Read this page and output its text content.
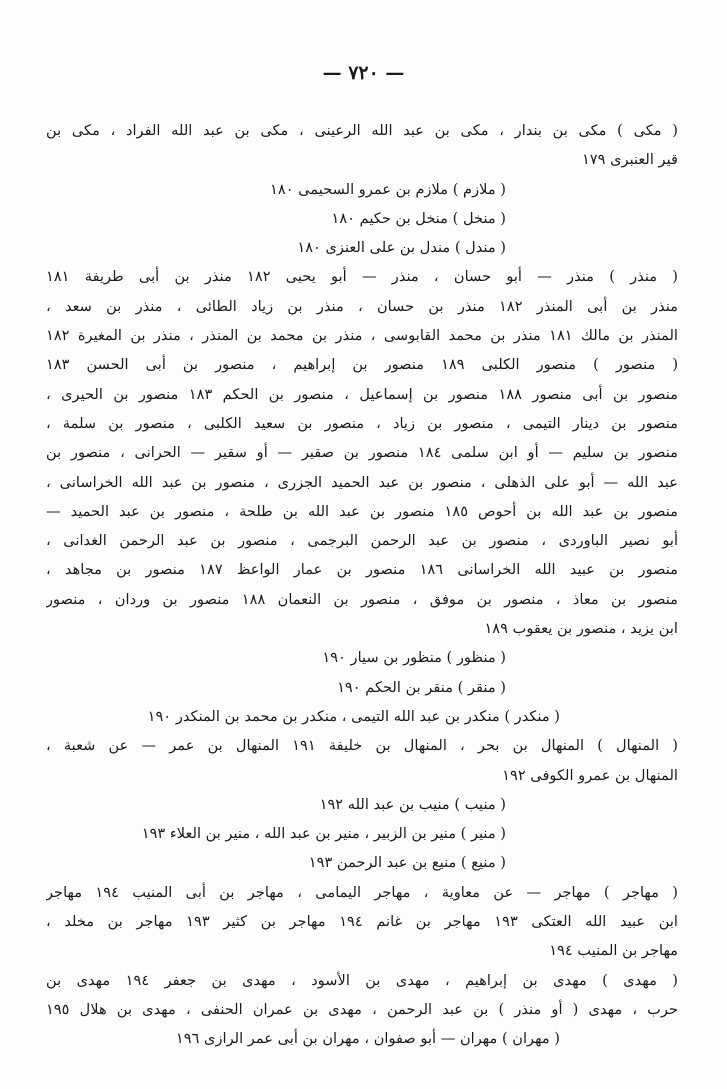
— ٧٢٠ —
( مكى ) مكى بن بندار ، مكى بن عبد الله الرعينى ، مكى بن عبد الله الفراد ، مكى بن
قير العنبرى ١٧٩
( ملازم ) ملازم بن عمرو السحيمى ١٨٠
( منخل ) منخل بن حكيم ١٨٠
( مندل ) مندل بن على العنزى ١٨٠
( منذر ) منذر — أبو حسان ، منذر — أبو يحيى ١٨٢ منذر بن أبى طريفة ١٨١
منذر بن أبى المنذر ١٨٢ منذر بن حسان ، منذر بن زياد الطائى ، منذر بن سعد ،
المنذر بن مالك ١٨١ منذر بن محمد القابوسى ، منذر بن محمد بن المنذر ، منذر بن المغيرة ١٨٢
( منصور ) منصور الكلبى ١٨٩ منصور بن إبراهيم ، منصور بن أبى الحسن ١٨٣
منصور بن أبى منصور ١٨٨ منصور بن إسماعيل ، منصور بن الحكم ١٨٣ منصور بن الحيرى ،
منصور بن دينار التيمى ، منصور بن زياد ، منصور بن سعيد الكلبى ، منصور بن سلمة ،
منصور بن سليم — أو ابن سلمى ١٨٤ منصور بن صقير — أو سقير — الحرانى ، منصور بن
عبد الله — أبو على الذهلى ، منصور بن عبد الحميد الجزرى ، منصور بن عبد الله الخراسانى ،
منصور بن عبد الله بن أحوص ١٨٥ منصور بن عبد الله بن طلحة ، منصور بن عبد الحميد —
أبو نصير الباوردى ، منصور بن عبد الرحمن البرجمى ، منصور بن عبد الرحمن الغدانى ،
منصور بن عبيد الله الخراسانى ١٨٦ منصور بن عمار الواعظ ١٨٧ منصور بن مجاهد ،
منصور بن معاذ ، منصور بن موفق ، منصور بن النعمان ١٨٨ منصور بن وردان ، منصور
ابن يزيد ، منصور بن يعقوب ١٨٩
( منظور ) منظور بن سيار ١٩٠
( منقر ) منقر بن الحكم ١٩٠
( منكدر ) منكدر بن عبد الله التيمى ، منكدر بن محمد بن المنكدر ١٩٠
( المنهال ) المنهال بن بحر ، المنهال بن خليفة ١٩١ المنهال بن عمر — عن شعبة ،
المنهال بن عمرو الكوفى ١٩٢
( منيب ) منيب بن عبد الله ١٩٢
( منير ) منير بن الزبير ، منير بن عبد الله ، منير بن العلاء ١٩٣
( منيع ) منيع بن عبد الرحمن ١٩٣
( مهاجر ) مهاجر — عن معاوية ، مهاجر اليمامى ، مهاجر بن أبى المنيب ١٩٤ مهاجر
ابن عبيد الله العتكى ١٩٣ مهاجر بن غانم ١٩٤ مهاجر بن كثير ١٩٣ مهاجر بن مخلد ،
مهاجر بن المنيب ١٩٤
( مهدى ) مهدى بن إبراهيم ، مهدى بن الأسود ، مهدى بن جعفر ١٩٤ مهدى بن
حرب ، مهدى ( أو منذر ) بن عبد الرحمن ، مهدى بن عمران الحنفى ، مهدى بن هلال ١٩٥
( مهران ) مهران — أبو صفوان ، مهران بن أبى عمر الرازى ١٩٦
